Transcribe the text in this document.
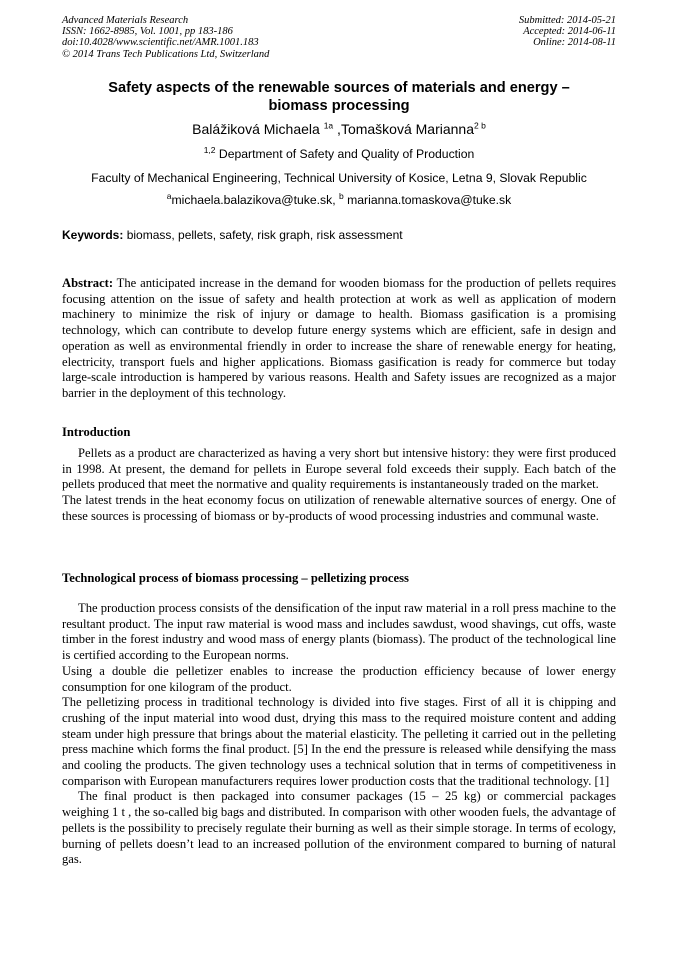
Advanced Materials Research
ISSN: 1662-8985, Vol. 1001, pp 183-186
doi:10.4028/www.scientific.net/AMR.1001.183
© 2014 Trans Tech Publications Ltd, Switzerland
Submitted: 2014-05-21
Accepted: 2014-06-11
Online: 2014-08-11
Safety aspects of the renewable sources of materials and energy –
biomass processing
Balážiková Michaela $^{1a}$ ,Tomašková Marianna$^{2 b}$
$^{1,2}$ Department of Safety and Quality of Production
Faculty of Mechanical Engineering, Technical University of Kosice, Letna 9, Slovak Republic
$^a$michaela.balazikova@tuke.sk, $^b$ marianna.tomaskova@tuke.sk
Keywords: biomass, pellets, safety, risk graph, risk assessment
Abstract: The anticipated increase in the demand for wooden biomass for the production of pellets requires focusing attention on the issue of safety and health protection at work as well as application of modern machinery to minimize the risk of injury or damage to health. Biomass gasification is a promising technology, which can contribute to develop future energy systems which are efficient, safe in design and operation as well as environmental friendly in order to increase the share of renewable energy for heating, electricity, transport fuels and higher applications. Biomass gasification is ready for commerce but today large-scale introduction is hampered by various reasons. Health and Safety issues are recognized as a major barrier in the deployment of this technology.
Introduction

Pellets as a product are characterized as having a very short but intensive history: they were first produced in 1998. At present, the demand for pellets in Europe several fold exceeds their supply. Each batch of the pellets produced that meet the normative and quality requirements is instantaneously traded on the market.

The latest trends in the heat economy focus on utilization of renewable alternative sources of energy. One of these sources is processing of biomass or by-products of wood processing industries and communal waste.

Technological process of biomass processing – pelletizing process

The production process consists of the densification of the input raw material in a roll press machine to the resultant product. The input raw material is wood mass and includes sawdust, wood shavings, cut offs, waste timber in the forest industry and wood mass of energy plants (biomass). The product of the technological line is certified according to the European norms.

Using a double die pelletizer enables to increase the production efficiency because of lower energy consumption for one kilogram of the product.

The pelletizing process in traditional technology is divided into five stages. First of all it is chipping and crushing of the input material into wood dust, drying this mass to the required moisture content and adding steam under high pressure that brings about the material elasticity. The pelleting it carried out in the pelleting press machine which forms the final product. [5] In the end the pressure is released while densifying the mass and cooling the products. The given technology uses a technical solution that in terms of competitiveness in comparison with European manufacturers requires lower production costs that the traditional technology. [1]

The final product is then packaged into consumer packages (15 – 25 kg) or commercial packages weighing 1 t , the so-called big bags and distributed. In comparison with other wooden fuels, the advantage of pellets is the possibility to precisely regulate their burning as well as their simple storage. In terms of ecology, burning of pellets doesn’t lead to an increased pollution of the environment compared to burning of natural gas.
